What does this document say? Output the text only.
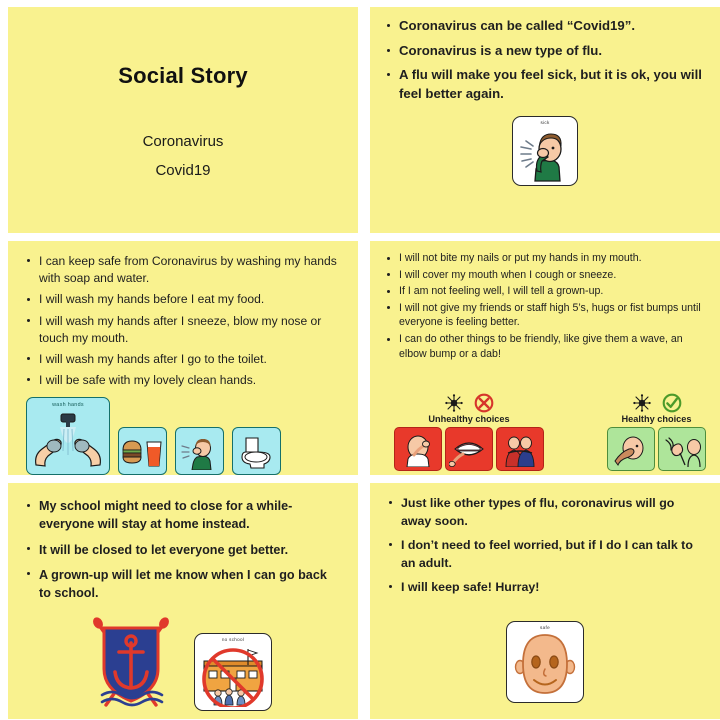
Social Story
Coronavirus
Covid19
Coronavirus can be called “Covid19”.
Coronavirus is a new type of flu.
A flu will make you feel sick, but it is ok, you will feel better again.
sick
I can keep safe from Coronavirus by washing my hands with soap and water.
I will wash my hands before I eat my food.
I will wash my hands after I sneeze, blow my nose or touch my mouth.
I will wash my hands after I go to the toilet.
I will be safe with my lovely clean hands.
wash hands
I will not bite my nails or put my hands in my mouth.
I will cover my mouth when I cough or sneeze.
If I am not feeling well, I will tell a grown-up.
I will not give my friends or staff high 5’s, hugs or fist bumps until everyone is feeling better.
I can do other things to be friendly, like give them a wave, an elbow bump or a dab!
Unhealthy choices	Healthy choices
My school might need to close for a while- everyone will stay at home instead.
It will be closed to let everyone get better.
A grown-up will let me know when I can go back to school.
no school
Just like other types of flu, coronavirus will go away soon.
I don’t need to feel worried, but if I do I can talk to an adult.
I will keep safe! Hurray!
safe
